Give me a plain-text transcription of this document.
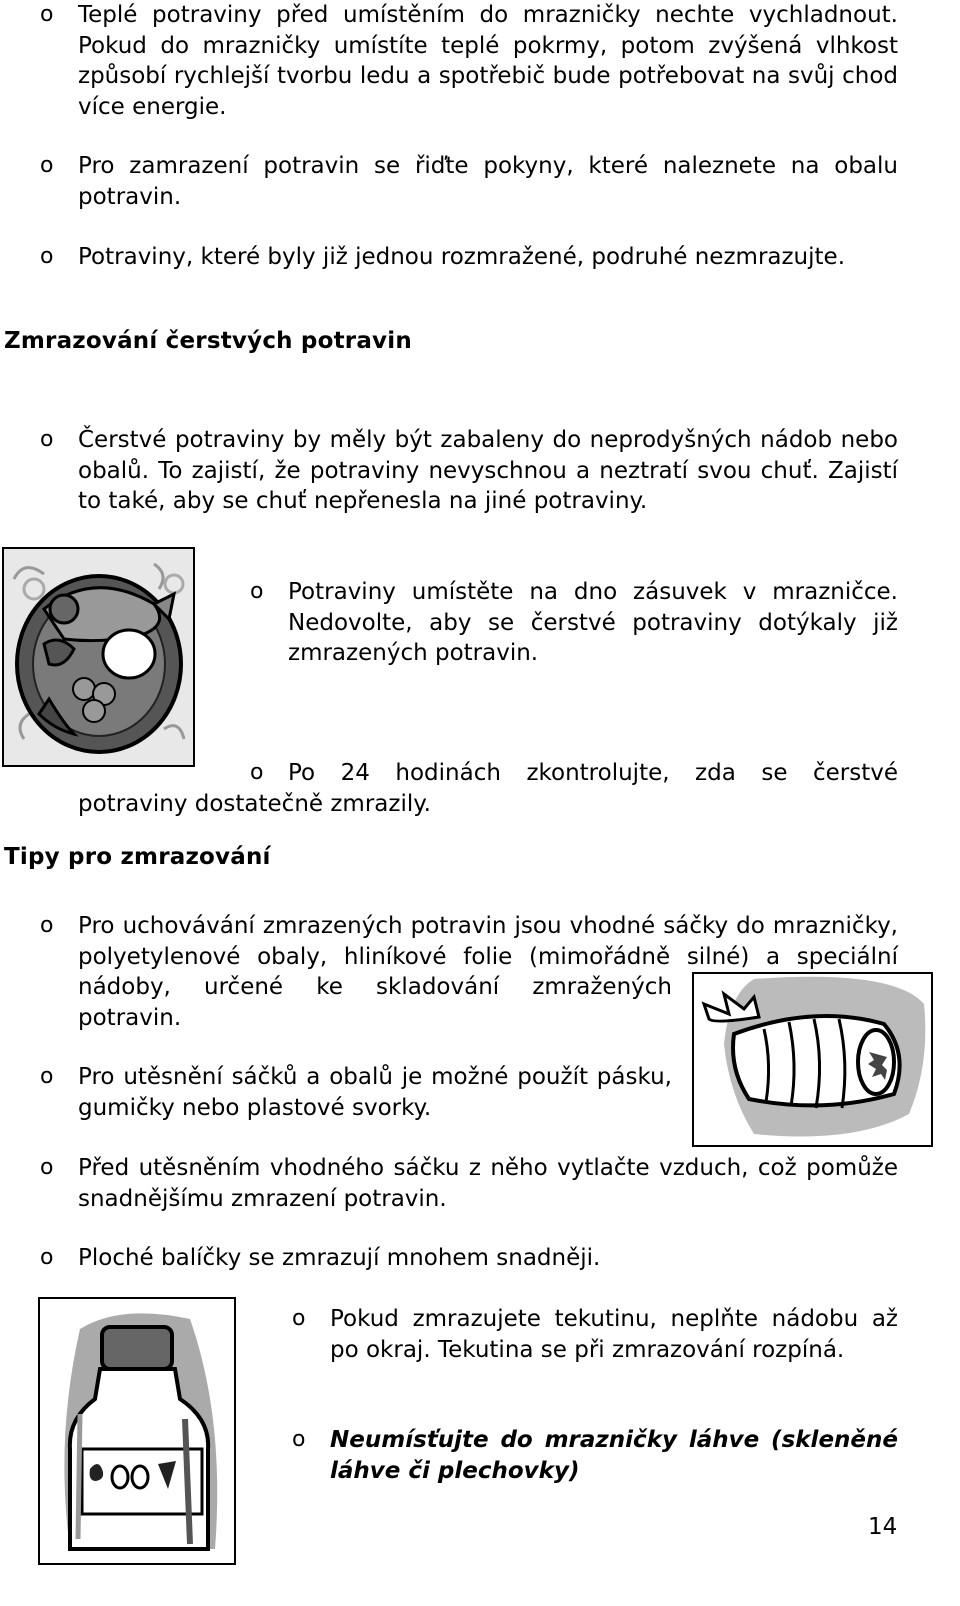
o Teplé potraviny před umístěním do mrazničky nechte vychladnout. Pokud do mrazničky umístíte teplé pokrmy, potom zvýšená vlhkost způsobí rychlejší tvorbu ledu a spotřebič bude potřebovat na svůj chod více energie.
o Pro zamrazení potravin se řiďte pokyny, které naleznete na obalu potravin.
o Potraviny, které byly již jednou rozmražené, podruhé nezmrazujte.
Zmrazování čerstvých potravin
o Čerstvé potraviny by měly být zabaleny do neprodyšných nádob nebo obalů. To zajistí, že potraviny nevyschnou a neztratí svou chuť. Zajistí to také, aby se chuť nepřenesla na jiné potraviny.
o Potraviny umístěte na dno zásuvek v mrazničce. Nedovolte, aby se čerstvé potraviny dotýkaly již zmrazených potravin.
o	Po 24 hodinách zkontrolujte, zda se čerstvé potraviny dostatečně zmrazily.
Tipy pro zmrazování
o Pro uchovávání zmrazených potravin jsou vhodné sáčky do mrazničky, polyetylenové obaly, hliníkové folie (mimořádně silné) a speciální nádoby, určené ke skladování zmražených potravin.
o Pro utěsnění sáčků a obalů je možné použít pásku, gumičky nebo plastové svorky.
o Před utěsněním vhodného sáčku z něho vytlačte vzduch, což pomůže snadnějšímu zmrazení potravin.
o Ploché balíčky se zmrazují mnohem snadněji.
o Pokud zmrazujete tekutinu, neplňte nádobu až po okraj. Tekutina se při zmrazování rozpíná.
o Neumísťujte do mrazničky láhve (skleněné láhve či plechovky)
14
